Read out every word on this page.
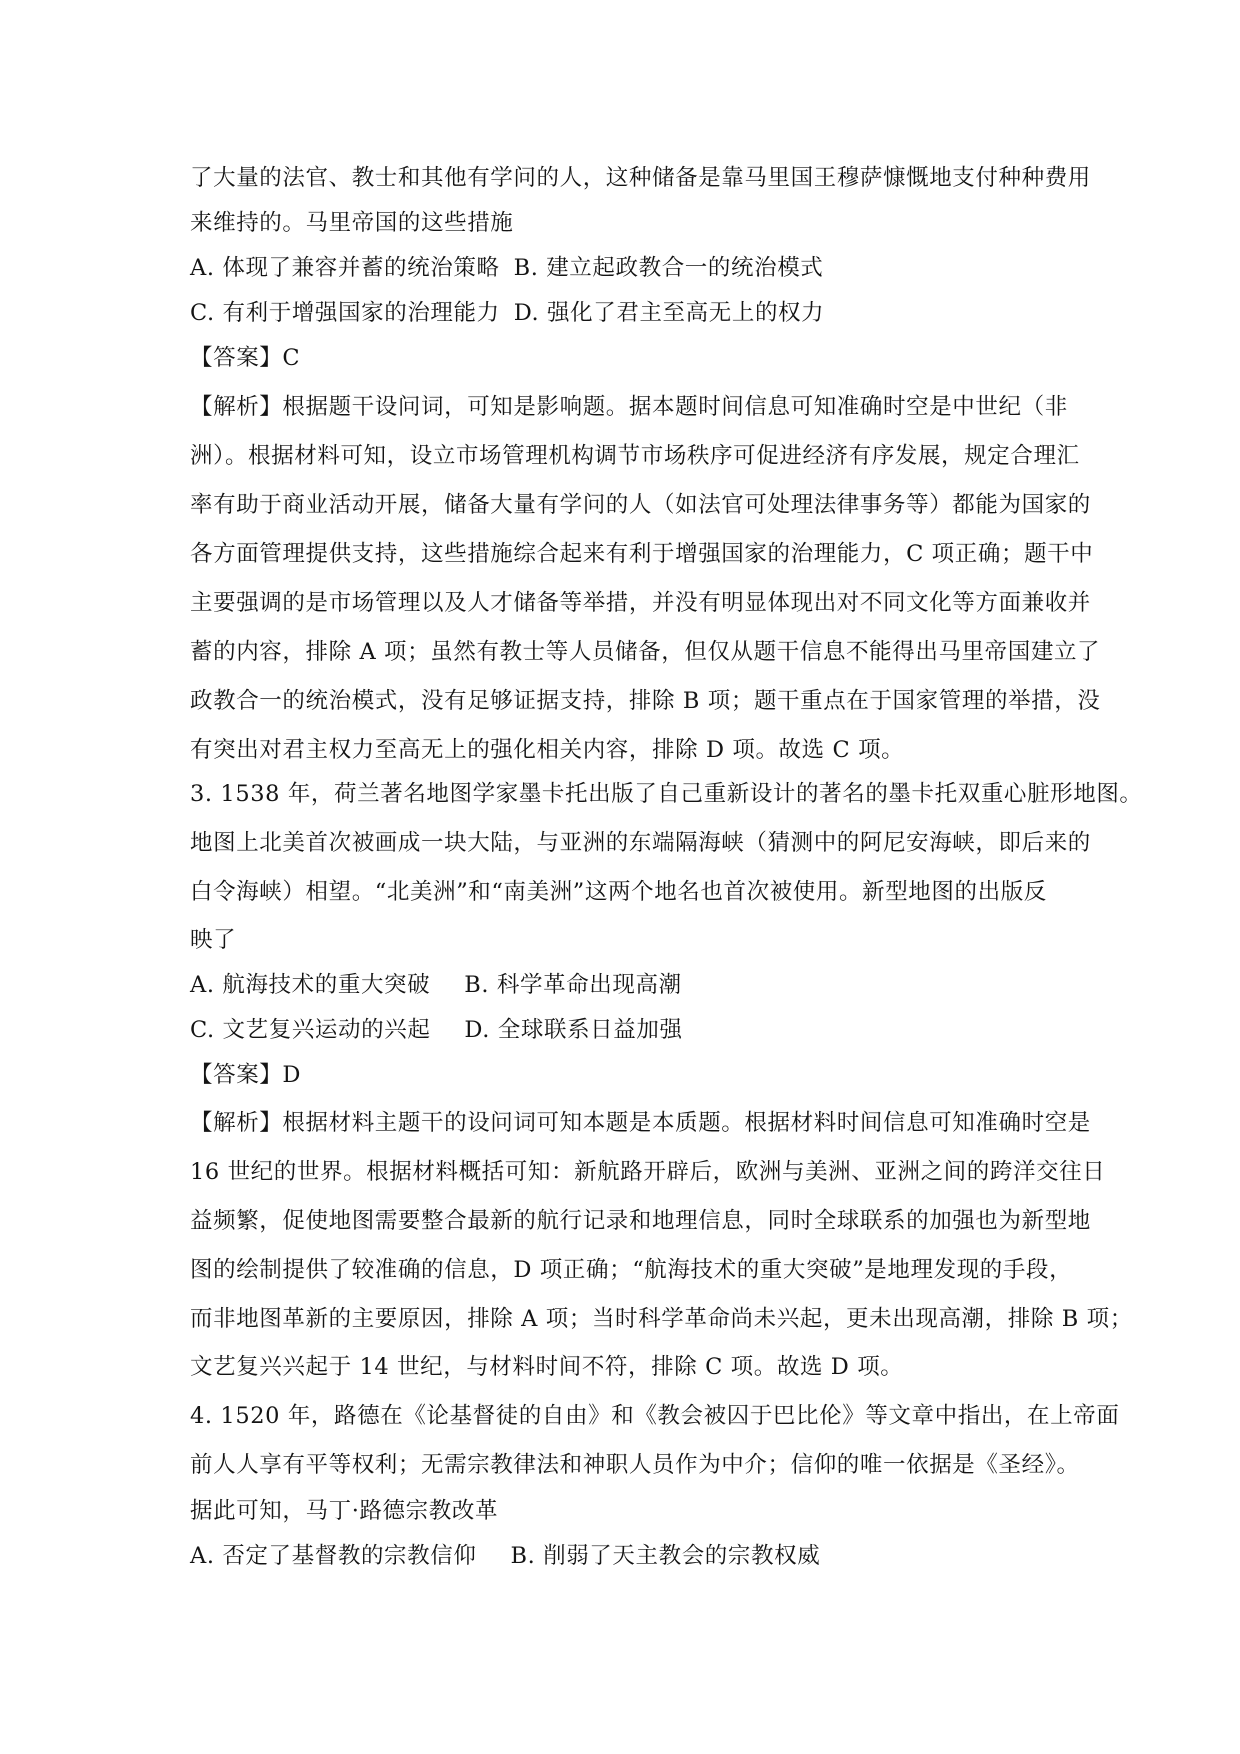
了大量的法官、教士和其他有学问的人，这种储备是靠马里国王穆萨慷慨地支付种种费用
来维持的。马里帝国的这些措施
A. 体现了兼容并蓄的统治策略 B. 建立起政教合一的统治模式
C. 有利于增强国家的治理能力 D. 强化了君主至高无上的权力
【答案】C
【解析】根据题干设问词，可知是影响题。据本题时间信息可知准确时空是中世纪（非
洲）。根据材料可知，设立市场管理机构调节市场秩序可促进经济有序发展，规定合理汇
率有助于商业活动开展，储备大量有学问的人（如法官可处理法律事务等）都能为国家的
各方面管理提供支持，这些措施综合起来有利于增强国家的治理能力，C 项正确；题干中
主要强调的是市场管理以及人才储备等举措，并没有明显体现出对不同文化等方面兼收并
蓄的内容，排除 A 项；虽然有教士等人员储备，但仅从题干信息不能得出马里帝国建立了
政教合一的统治模式，没有足够证据支持，排除 B 项；题干重点在于国家管理的举措，没
有突出对君主权力至高无上的强化相关内容，排除 D 项。故选 C 项。
3. 1538 年，荷兰著名地图学家墨卡托出版了自己重新设计的著名的墨卡托双重心脏形地图。
地图上北美首次被画成一块大陆，与亚洲的东端隔海峡（猜测中的阿尼安海峡，即后来的
白令海峡）相望。“北美洲”和“南美洲”这两个地名也首次被使用。新型地图的出版反
映了
A. 航海技术的重大突破 B. 科学革命出现高潮
C. 文艺复兴运动的兴起 D. 全球联系日益加强
【答案】D
【解析】根据材料主题干的设问词可知本题是本质题。根据材料时间信息可知准确时空是
16 世纪的世界。根据材料概括可知：新航路开辟后，欧洲与美洲、亚洲之间的跨洋交往日
益频繁，促使地图需要整合最新的航行记录和地理信息，同时全球联系的加强也为新型地
图的绘制提供了较准确的信息，D 项正确；“航海技术的重大突破”是地理发现的手段，
而非地图革新的主要原因，排除 A 项；当时科学革命尚未兴起，更未出现高潮，排除 B 项；
文艺复兴兴起于 14 世纪，与材料时间不符，排除 C 项。故选 D 项。
4. 1520 年，路德在《论基督徒的自由》和《教会被囚于巴比伦》等文章中指出，在上帝面
前人人享有平等权利；无需宗教律法和神职人员作为中介；信仰的唯一依据是《圣经》。
据此可知，马丁·路德宗教改革
A. 否定了基督教的宗教信仰 B. 削弱了天主教会的宗教权威
